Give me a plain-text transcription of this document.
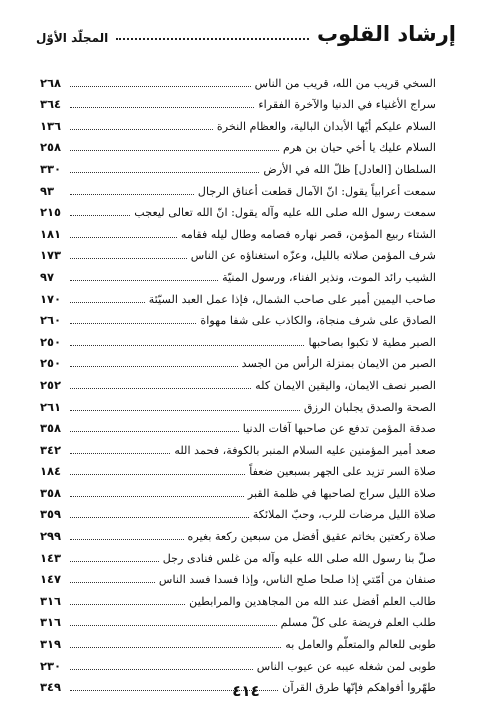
إرشاد القلوب
المجلّد الأوّل
السخي قريب من الله، قريب من الناس
٢٦٨
سراج الأغنياء في الدنيا والآخرة الفقراء
٣٦٤
السلام عليكم أيّها الأبدان البالية، والعظام النخرة
١٣٦
السلام عليك يا أخي حيان بن هرم
٢٥٨
السلطان [العادل] ظلّ الله في الأرض
٣٣٠
سمعت أعرابياً يقول: انّ الآمال قطعت أعناق الرجال
٩٣
سمعت رسول الله صلى الله عليه وآله يقول: انّ الله تعالى ليعجب
٢١٥
الشتاء ربيع المؤمن، قصر نهاره فصامه وطال ليله فقامه
١٨١
شرف المؤمن صلاته بالليل، وعزّه استغناؤه عن الناس
١٧٣
الشيب رائد الموت، ونذير الفناء، ورسول المنيّة
٩٧
صاحب اليمين أمير على صاحب الشمال، فإذا عمل العبد السيّئة
١٧٠
الصادق على شرف منجاة، والكاذب على شفا مهواة
٢٦٠
الصبر مطية لا تكبوا بصاحبها
٢٥٠
الصبر من الايمان بمنزلة الرأس من الجسد
٢٥٠
الصبر نصف الايمان، واليقين الايمان كله
٢٥٢
الصحة والصدق يجلبان الرزق
٢٦١
صدقة المؤمن تدفع عن صاحبها آفات الدنيا
٣٥٨
صعد أمير المؤمنين عليه السلام المنبر بالكوفة، فحمد الله
٣٤٢
صلاة السر تزيد على الجهر بسبعين ضعفاً
١٨٤
صلاة الليل سراج لصاحبها في ظلمة القبر
٣٥٨
صلاة الليل مرضات للرب، وحبّ الملائكة
٣٥٩
صلاة ركعتين بخاتم عقيق أفضل من سبعين ركعة بغيره
٢٩٩
صلّ بنا رسول الله صلى الله عليه وآله من غلس فنادى رجل
١٤٣
صنفان من أمّتي إذا صلحا صلح الناس، وإذا فسدا فسد الناس
١٤٧
طالب العلم أفضل عند الله من المجاهدين والمرابطين
٣١٦
طلب العلم فريضة على كلّ مسلم
٣١٦
طوبى للعالم والمتعلّم والعامل به
٣١٩
طوبى لمن شغله عيبه عن عيوب الناس
٢٣٠
طهّروا أفواهكم فإنّها طرق القرآن
٣٤٩	٤١٤
